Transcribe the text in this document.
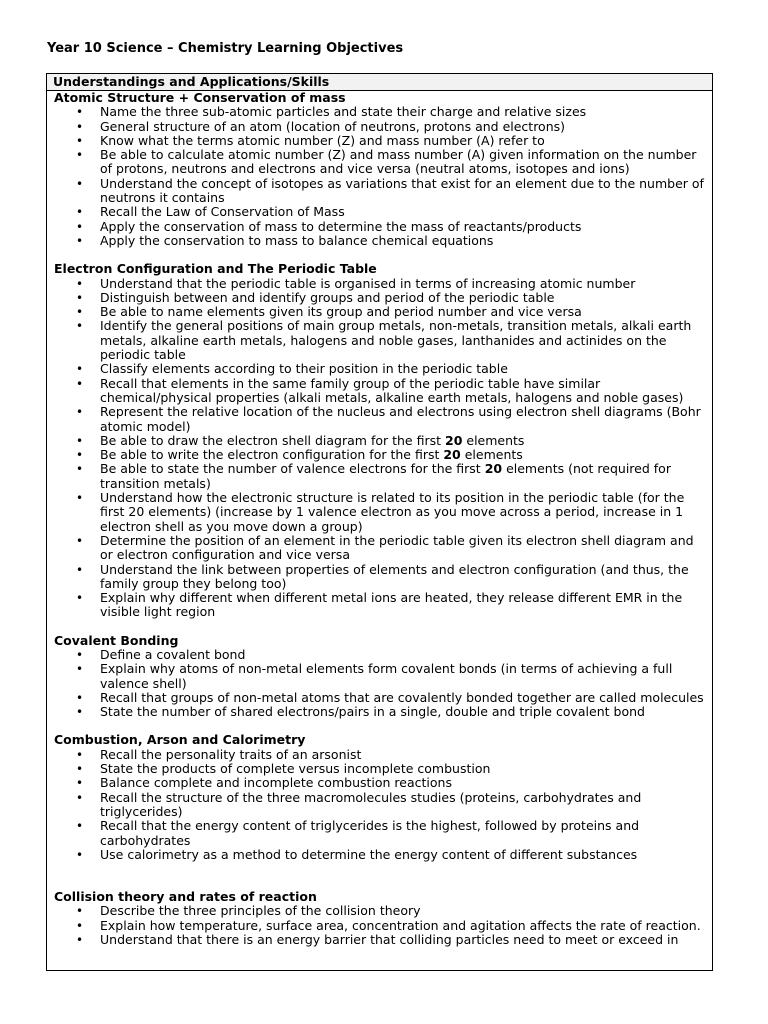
Year 10 Science – Chemistry Learning Objectives
Understandings and Applications/Skills
Atomic Structure + Conservation of mass
• Name the three sub-atomic particles and state their charge and relative sizes
• General structure of an atom (location of neutrons, protons and electrons)
• Know what the terms atomic number (Z) and mass number (A) refer to
• Be able to calculate atomic number (Z) and mass number (A) given information on the number of protons, neutrons and electrons and vice versa (neutral atoms, isotopes and ions)
• Understand the concept of isotopes as variations that exist for an element due to the number of neutrons it contains
• Recall the Law of Conservation of Mass
• Apply the conservation of mass to determine the mass of reactants/products
• Apply the conservation to mass to balance chemical equations
Electron Configuration and The Periodic Table
• Understand that the periodic table is organised in terms of increasing atomic number
• Distinguish between and identify groups and period of the periodic table
• Be able to name elements given its group and period number and vice versa
• Identify the general positions of main group metals, non-metals, transition metals, alkali earth metals, alkaline earth metals, halogens and noble gases, lanthanides and actinides on the periodic table
• Classify elements according to their position in the periodic table
• Recall that elements in the same family group of the periodic table have similar chemical/physical properties (alkali metals, alkaline earth metals, halogens and noble gases)
• Represent the relative location of the nucleus and electrons using electron shell diagrams (Bohr atomic model)
• Be able to draw the electron shell diagram for the first 20 elements
• Be able to write the electron configuration for the first 20 elements
• Be able to state the number of valence electrons for the first 20 elements (not required for transition metals)
• Understand how the electronic structure is related to its position in the periodic table (for the first 20 elements) (increase by 1 valence electron as you move across a period, increase in 1 electron shell as you move down a group)
• Determine the position of an element in the periodic table given its electron shell diagram and or electron configuration and vice versa
• Understand the link between properties of elements and electron configuration (and thus, the family group they belong too)
• Explain why different when different metal ions are heated, they release different EMR in the visible light region
Covalent Bonding
• Define a covalent bond
• Explain why atoms of non-metal elements form covalent bonds (in terms of achieving a full valence shell)
• Recall that groups of non-metal atoms that are covalently bonded together are called molecules
• State the number of shared electrons/pairs in a single, double and triple covalent bond
Combustion, Arson and Calorimetry
• Recall the personality traits of an arsonist
• State the products of complete versus incomplete combustion
• Balance complete and incomplete combustion reactions
• Recall the structure of the three macromolecules studies (proteins, carbohydrates and triglycerides)
• Recall that the energy content of triglycerides is the highest, followed by proteins and carbohydrates
• Use calorimetry as a method to determine the energy content of different substances
Collision theory and rates of reaction
• Describe the three principles of the collision theory
• Explain how temperature, surface area, concentration and agitation affects the rate of reaction.
• Understand that there is an energy barrier that colliding particles need to meet or exceed in
